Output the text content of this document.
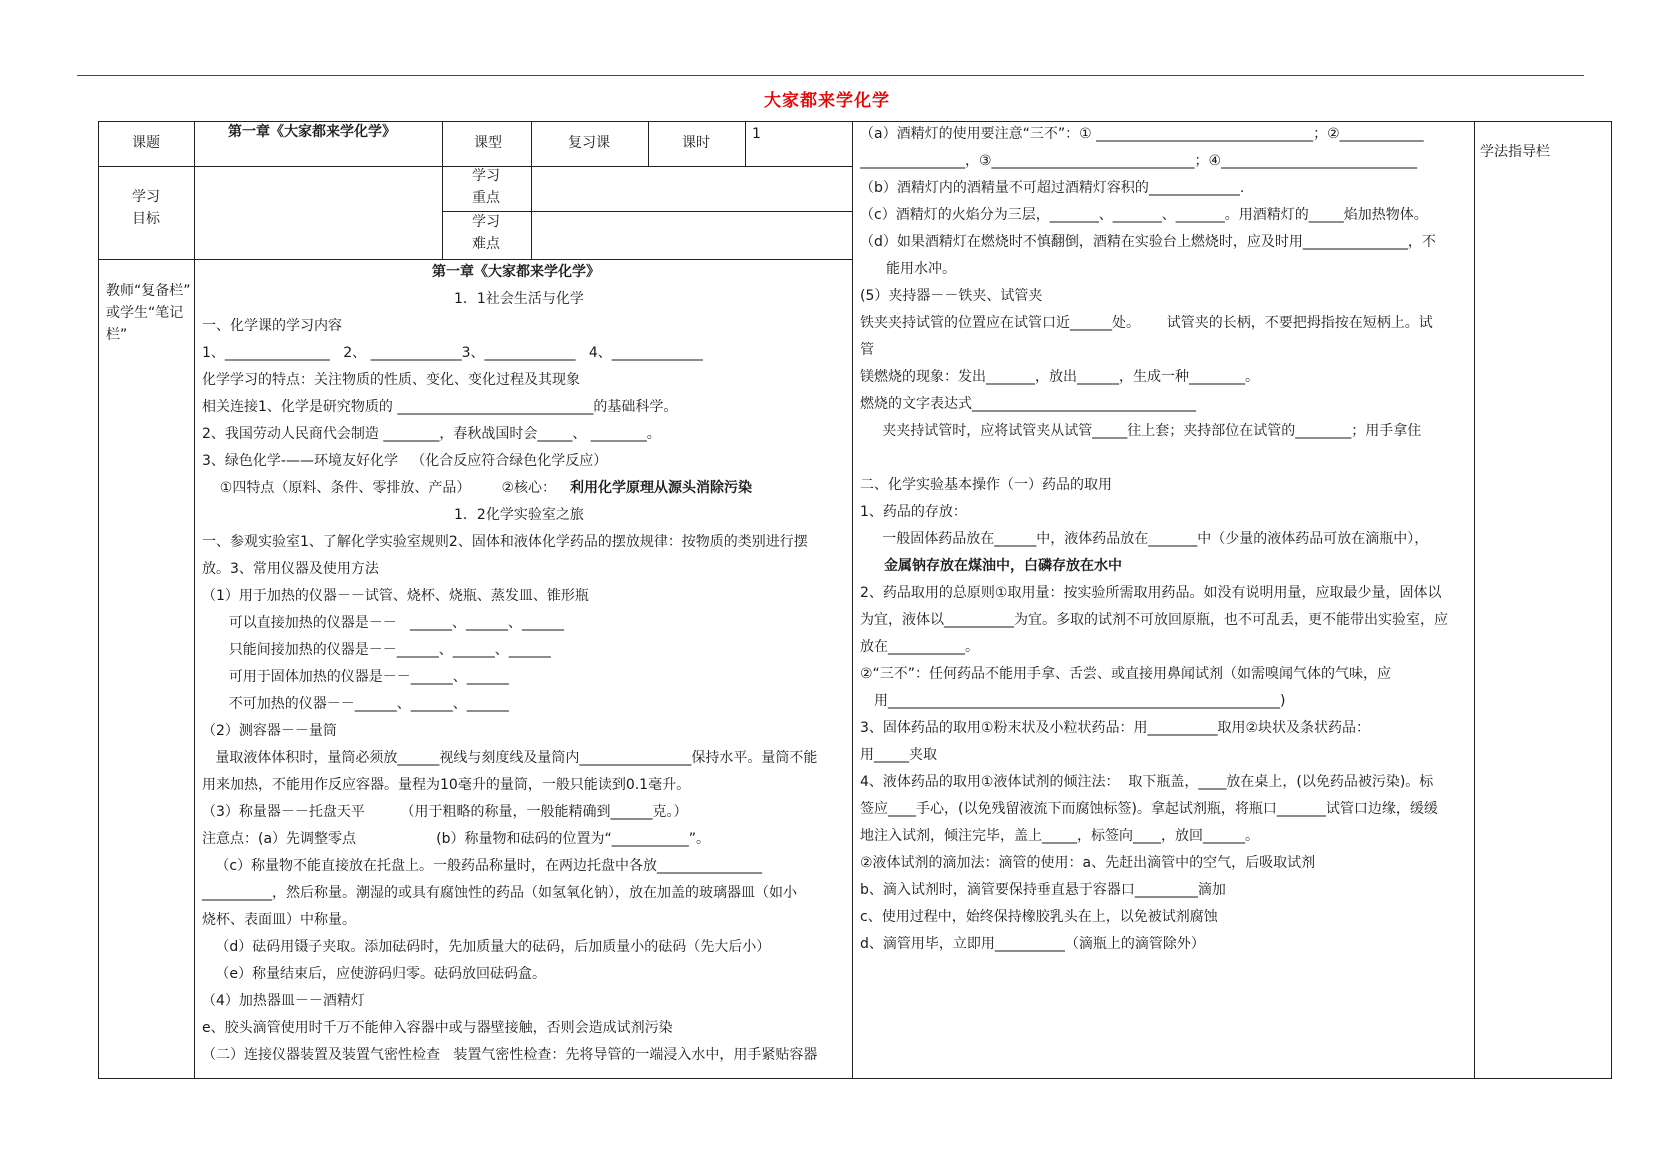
大家都来学化学
课题
第一章《大家都来学化学》
课型	复习课	课时
1
学习
目标
学习
重点
学习
难点
学法指导栏
教师“复备栏”
或学生“笔记
栏”
第一章《大家都来学化学》
1．1社会生活与化学
一、化学课的学习内容
1、_______________   2、 _____________3、_____________   4、_____________
化学学习的特点：关注物质的性质、变化、变化过程及其现象
相关连接1、化学是研究物质的 ____________________________的基础科学。
2、我国劳动人民商代会制造 ________，春秋战国时会_____、 ________。
3、绿色化学-——环境友好化学   （化合反应符合绿色化学反应）
①四特点（原料、条件、零排放、产品）       ②核心： 利用化学原理从源头消除污染
1．2化学实验室之旅
一、参观实验室1、了解化学实验室规则2、固体和液体化学药品的摆放规律：按物质的类别进行摆
放。3、常用仪器及使用方法
（1）用于加热的仪器－－试管、烧杯、烧瓶、蒸发皿、锥形瓶
可以直接加热的仪器是－－   ______、______、______
只能间接加热的仪器是－－______、______、______
可用于固体加热的仪器是－－______、______
不可加热的仪器－－______、______、______
（2）测容器－－量筒
量取液体体积时，量筒必须放______视线与刻度线及量筒内________________保持水平。量筒不能
用来加热，不能用作反应容器。量程为10毫升的量筒，一般只能读到0.1毫升。
（3）称量器－－托盘天平        （用于粗略的称量，一般能精确到______克。）
注意点：(a）先调整零点                  (b）称量物和砝码的位置为“___________”。
（c）称量物不能直接放在托盘上。一般药品称量时，在两边托盘中各放_______________
__________，然后称量。潮湿的或具有腐蚀性的药品（如氢氧化钠），放在加盖的玻璃器皿（如小
烧杯、表面皿）中称量。
（d）砝码用镊子夹取。添加砝码时，先加质量大的砝码，后加质量小的砝码（先大后小）
（e）称量结束后，应使游码归零。砝码放回砝码盒。
（4）加热器皿－－酒精灯
e、胶头滴管使用时千万不能伸入容器中或与器壁接触，否则会造成试剂污染
（二）连接仪器装置及装置气密性检查   装置气密性检查：先将导管的一端浸入水中，用手紧贴容器
（a）酒精灯的使用要注意“三不”：① _______________________________；②____________
_______________，③_____________________________；④____________________________
（b）酒精灯内的酒精量不可超过酒精灯容积的_____________.
（c）酒精灯的火焰分为三层，_______、_______、_______。用酒精灯的_____焰加热物体。
（d）如果酒精灯在燃烧时不慎翻倒，酒精在实验台上燃烧时，应及时用_______________，不
能用水冲。
(5）夹持器－－铁夹、试管夹
铁夹夹持试管的位置应在试管口近______处。      试管夹的长柄，不要把拇指按在短柄上。试
管
镁燃烧的现象：发出_______，放出______，生成一种________。
燃烧的文字表达式________________________________
夹夹持试管时，应将试管夹从试管_____往上套；夹持部位在试管的________；用手拿住
二、化学实验基本操作（一）药品的取用
1、药品的存放：
一般固体药品放在______中，液体药品放在_______中（少量的液体药品可放在滴瓶中），
金属钠存放在煤油中，白磷存放在水中
2、药品取用的总原则①取用量：按实验所需取用药品。如没有说明用量，应取最少量，固体以
为宜，液体以__________为宜。多取的试剂不可放回原瓶，也不可乱丢，更不能带出实验室，应
放在___________。
②“三不”：任何药品不能用手拿、舌尝、或直接用鼻闻试剂（如需嗅闻气体的气味，应
用________________________________________________________)
3、固体药品的取用①粉末状及小粒状药品：用__________取用②块状及条状药品：
用_____夹取
4、液体药品的取用①液体试剂的倾注法：  取下瓶盖，____放在桌上，(以免药品被污染)。标
签应____手心，(以免残留液流下而腐蚀标签)。拿起试剂瓶，将瓶口_______试管口边缘，缓缓
地注入试剂，倾注完毕，盖上_____，标签向____，放回______。
②液体试剂的滴加法：滴管的使用：a、先赶出滴管中的空气，后吸取试剂
b、滴入试剂时，滴管要保持垂直悬于容器口_________滴加
c、使用过程中，始终保持橡胶乳头在上，以免被试剂腐蚀
d、滴管用毕，立即用__________（滴瓶上的滴管除外）
